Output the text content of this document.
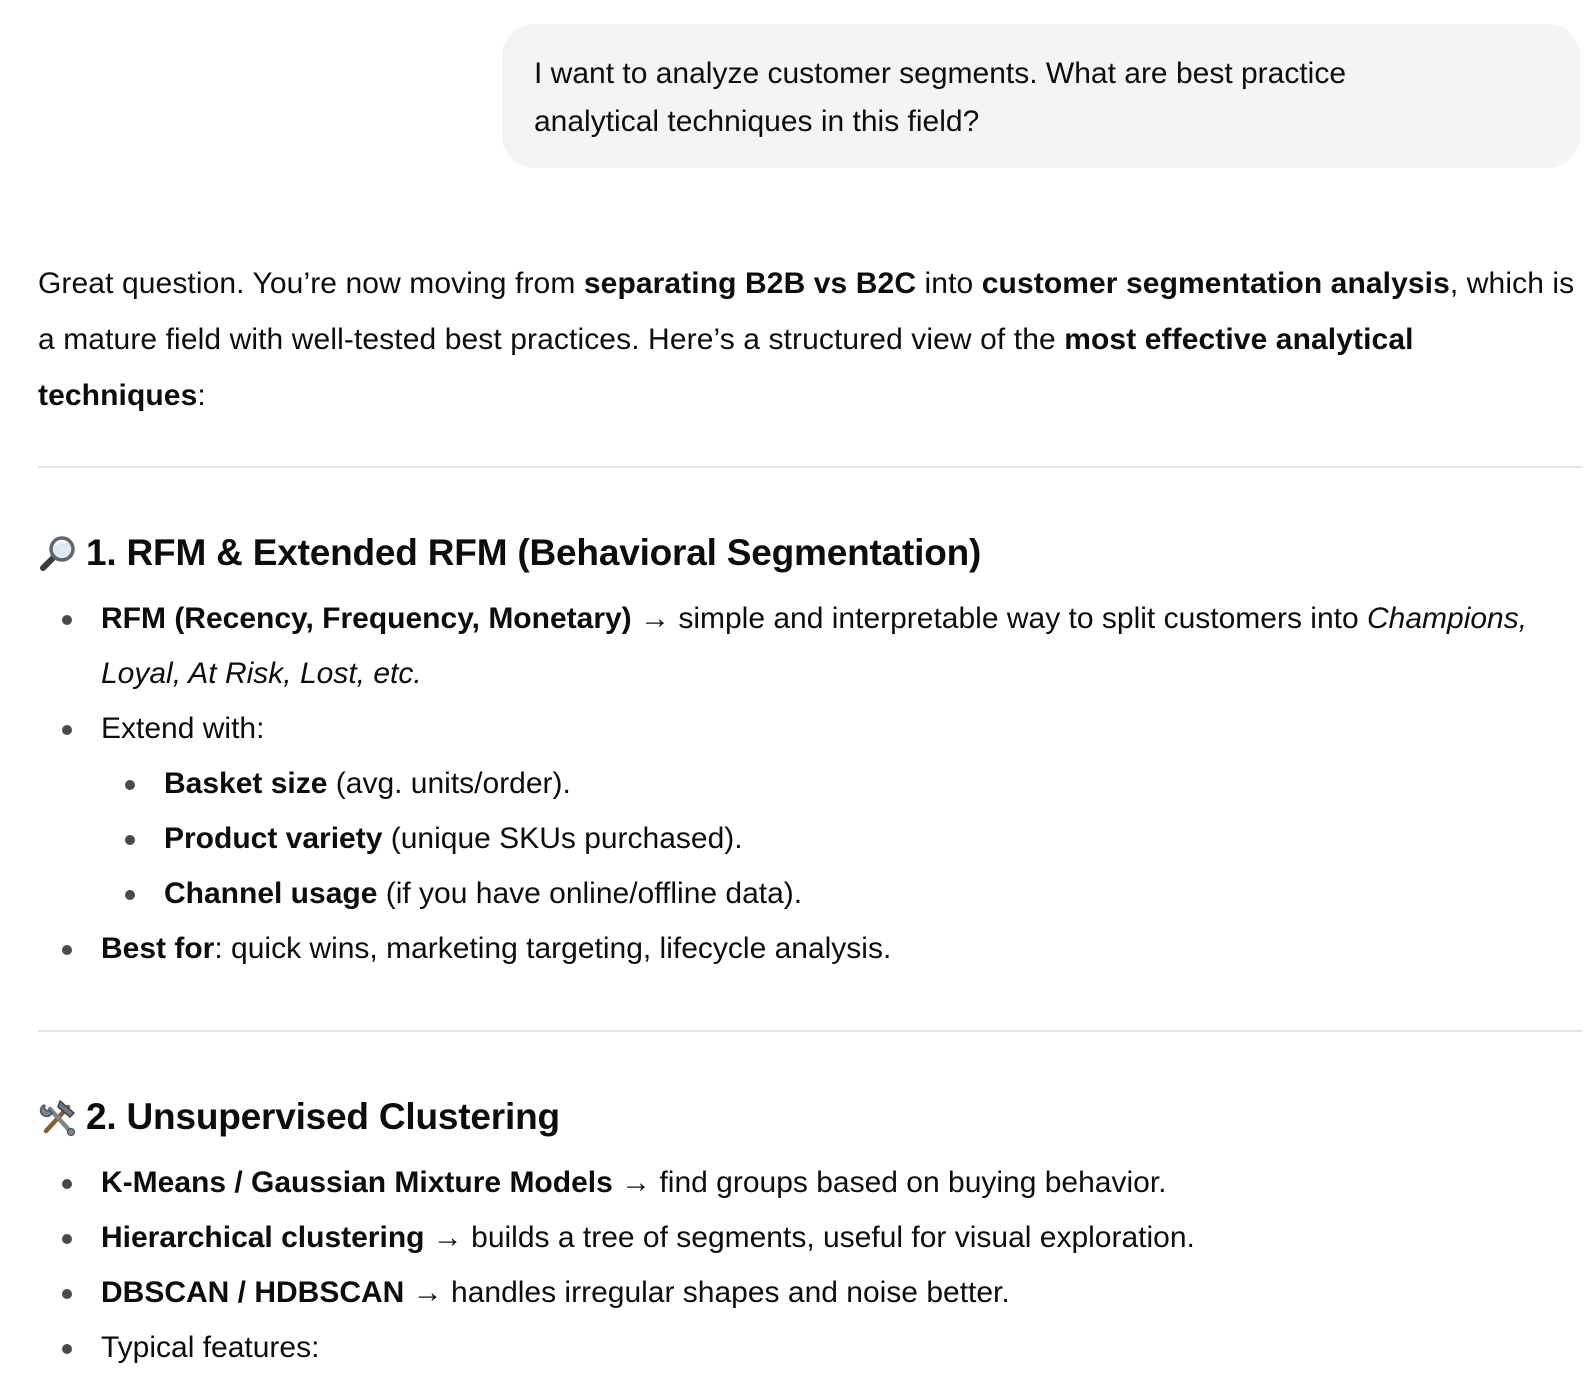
I want to analyze customer segments. What are best practice
analytical techniques in this field?

Great question. You’re now moving from separating B2B vs B2C into customer segmentation analysis, which is a mature field with well-tested best practices. Here’s a structured view of the most effective analytical techniques:

1. RFM & Extended RFM (Behavioral Segmentation)
RFM (Recency, Frequency, Monetary) → simple and interpretable way to split customers into Champions, Loyal, At Risk, Lost, etc.
Extend with:
Basket size (avg. units/order).
Product variety (unique SKUs purchased).
Channel usage (if you have online/offline data).
Best for: quick wins, marketing targeting, lifecycle analysis.
2. Unsupervised Clustering
K-Means / Gaussian Mixture Models → find groups based on buying behavior.
Hierarchical clustering → builds a tree of segments, useful for visual exploration.
DBSCAN / HDBSCAN → handles irregular shapes and noise better.
Typical features:
